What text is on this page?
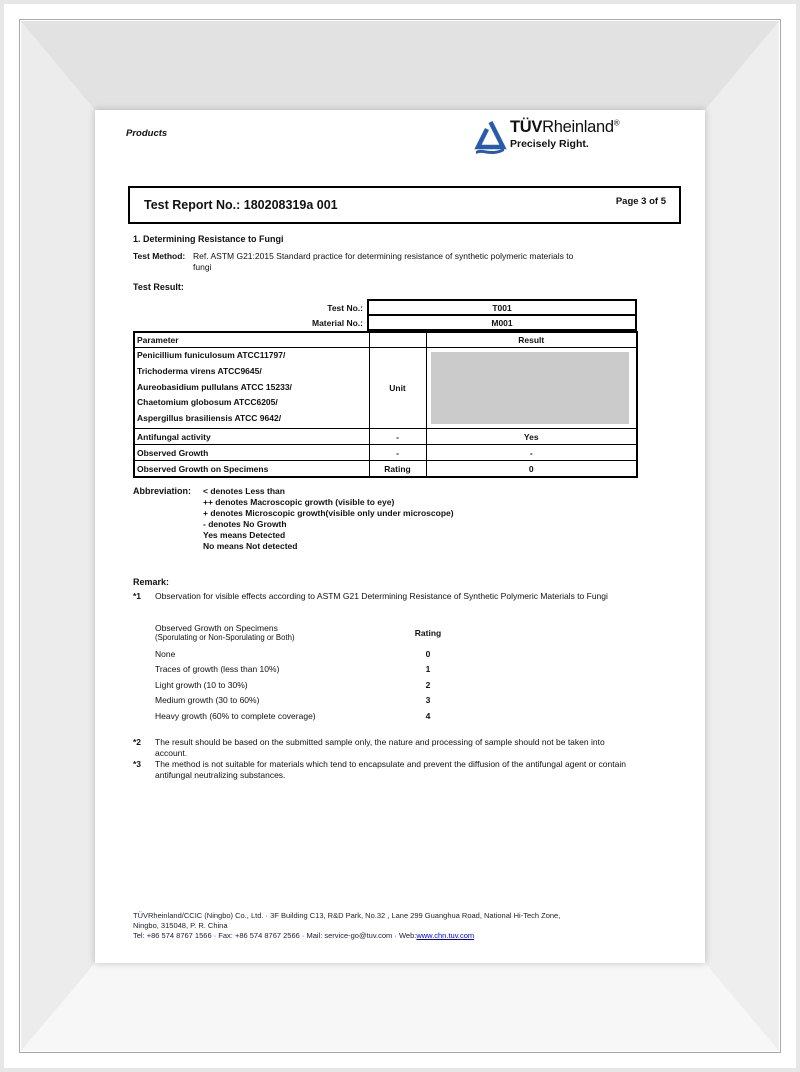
Products	TÜVRheinland®
Precisely Right.
Test Report No.: 180208319a 001	Page 3 of 5
1. Determining Resistance to Fungi
Test Method: Ref. ASTM G21:2015 Standard practice for determining resistance of synthetic polymeric materials to fungi
Test Result:
Test No.:	T001
Material No.:	M001
Parameter		Result

Penicillium funiculosum ATCC11797/
Trichoderma virens ATCC9645/
Aureobasidium pullulans ATCC 15233/
Chaetomium globosum ATCC6205/
Aspergillus brasiliensis ATCC 9642/	Unit	

Antifungal activity	-	Yes
Observed Growth	-	-
Observed Growth on Specimens	Rating	0
Abbreviation:	< denotes Less than
++ denotes Macroscopic growth (visible to eye)
+ denotes Microscopic growth(visible only under microscope)
- denotes No Growth
Yes means Detected
No means Not detected
Remark:
*1	Observation for visible effects according to ASTM G21 Determining Resistance of Synthetic Polymeric Materials to Fungi
Observed Growth on Specimens
(Sporulating or Non-Sporulating or Both)	Rating
None	0
Traces of growth (less than 10%)	1
Light growth (10 to 30%)	2
Medium growth (30 to 60%)	3
Heavy growth (60% to complete coverage)	4
*2	The result should be based on the submitted sample only, the nature and processing of sample should not be taken into account.
*3	The method is not suitable for materials which tend to encapsulate and prevent the diffusion of the antifungal agent or contain antifungal neutralizing substances.
TÜVRheinland/CCIC (Ningbo) Co., Ltd. · 3F Building C13, R&D Park, No.32 , Lane 299 Guanghua Road, National Hi-Tech Zone,
Ningbo, 315048, P. R. China
Tel: +86 574 8767 1566 · Fax: +86 574 8767 2566 · Mail: service-go@tuv.com · Web:www.chn.tuv.com
